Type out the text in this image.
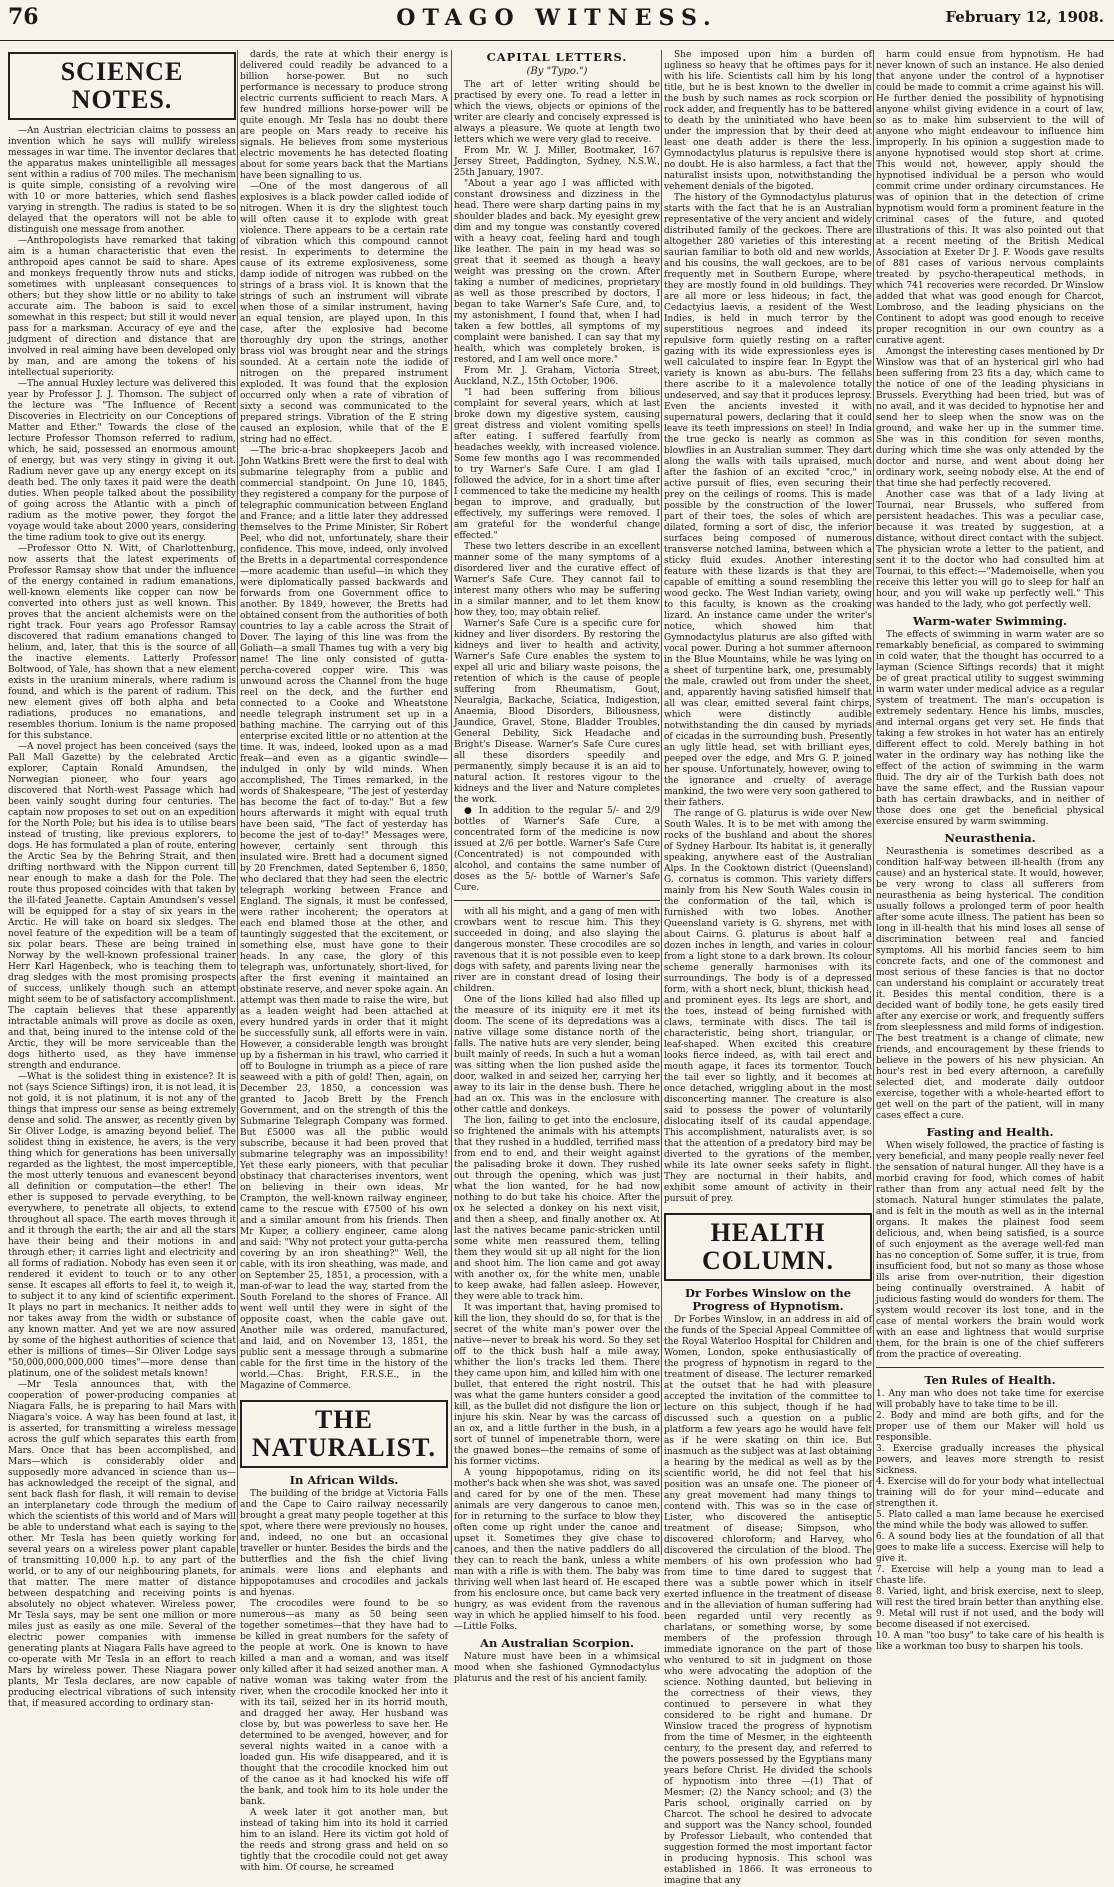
76	OTAGO WITNESS.	February 12, 1908.
SCIENCE NOTES.

—An Austrian electrician claims to possess an invention which he says will nullify wireless messages in war time. The inventor declares that the apparatus makes unintelligible all messages sent within a radius of 700 miles. The mechanism is quite simple, consisting of a revolving wire with 10 or more batteries, which send flashes varying in strength. The radius is stated to be so delayed that the operators will not be able to distinguish one message from another.

—Anthropologists have remarked that taking aim is a human characteristic that even the anthropoid apes cannot be said to share. Apes and monkeys frequently throw nuts and sticks, sometimes with unpleasant consequences to others; but they show little or no ability to take accurate aim. The baboon is said to excel somewhat in this respect; but still it would never pass for a marksman. Accuracy of eye and the judgment of direction and distance that are involved in real aiming have been developed only by man, and are among the tokens of his intellectual superiority.

—The annual Huxley lecture was delivered this year by Professor J. J. Thomson. The subject of the lecture was "The Influence of Recent Discoveries in Electricity on our Conceptions of Matter and Ether." Towards the close of the lecture Professor Thomson referred to radium, which, he said, possessed an enormous amount of energy, but was very stingy in giving it out. Radium never gave up any energy except on its death bed. The only taxes it paid were the death duties. When people talked about the possibility of going across the Atlantic with a pinch of radium as the motive power, they forgot the voyage would take about 2000 years, considering the time radium took to give out its energy.

—Professor Otto N. Witt, of Charlottenburg, now asserts that the latest experiments of Professor Ramsay show that under the influence of the energy contained in radium emanations, well-known elements like copper can now be converted into others just as well known. This proves that the ancient alchemists were on the right track. Four years ago Professor Ramsay discovered that radium emanations changed to helium, and, later, that this is the source of all the inactive elements. Latterly Professor Boltwood, of Yale, has shown that a new element exists in the uranium minerals, where radium is found, and which is the parent of radium. This new element gives off both alpha and beta radiations, produces no emanations, and resembles thorium. Ionium is the name proposed for this substance.

—A novel project has been conceived (says the Pall Mall Gazette) by the celebrated Arctic explorer, Captain Ronald Amundsen, the Norwegian pioneer, who four years ago discovered that North-west Passage which had been vainly sought during four centuries. The captain now proposes to set out on an expedition for the North Pole; but his idea is to utilise bears instead of trusting, like previous explorers, to dogs. He has formulated a plan of route, entering the Arctic Sea by the Behring Strait, and then drifting northward with the Nippon current till near enough to make a dash for the Pole. The route thus proposed coincides with that taken by the ill-fated Jeanette. Captain Amundsen's vessel will be equipped for a stay of six years in the Arctic. He will take on board six sledges. The novel feature of the expedition will be a team of six polar bears. These are being trained in Norway by the well-known professional trainer Herr Karl Hagenbeck, who is teaching them to drag sledges with the most promising prospects of success, unlikely though such an attempt might seem to be of satisfactory accomplishment. The captain believes that these apparently intractable animals will prove as docile as oxen, and that, being inured to the intense cold of the Arctic, they will be more serviceable than the dogs hitherto used, as they have immense strength and endurance.

—What is the solidest thing in existence? It is not (says Science Siftings) iron, it is not lead, it is not gold, it is not platinum, it is not any of the things that impress our sense as being extremely dense and solid. The answer, as recently given by Sir Oliver Lodge, is amazing beyond belief. The solidest thing in existence, he avers, is the very thing which for generations has been universally regarded as the lightest, the most imperceptible, the most utterly tenuous and evanescent beyond all definition or computation—the ether! The ether is supposed to pervade everything, to be everywhere, to penetrate all objects, to extend throughout all space. The earth moves through it and it through the earth; the air and all the stars have their being and their motions in and through ether; it carries light and electricity and all forms of radiation. Nobody has even seen it or rendered it evident to touch or to any other sense. It escapes all efforts to feel it, to weigh it, to subject it to any kind of scientific experiment. It plays no part in mechanics. It neither adds to nor takes away from the width or substance of any known matter. And yet we are now assured by some of the highest authorities of science that ether is millions of times—Sir Oliver Lodge says "50,000,000,000,000 times"—more dense than platinum, one of the solidest metals known!

—Mr Tesla announces that, with the cooperation of power-producing companies at Niagara Falls, he is preparing to hail Mars with Niagara's voice. A way has been found at last, it is asserted, for transmitting a wireless message across the gulf which separates this earth from Mars. Once that has been accomplished, and Mars—which is considerably older and supposedly more advanced in science than us—has acknowledged the receipt of the signal, and sent back flash for flash, it will remain to devise an interplanetary code through the medium of which the scientists of this world and of Mars will be able to understand what each is saying to the other. Mr Tesla has been quietly working for several years on a wireless power plant capable of transmitting 10,000 h.p. to any part of the world, or to any of our neighbouring planets, for that matter. The mere matter of distance between despatching and receiving points is absolutely no object whatever. Wireless power, Mr Tesla says, may be sent one million or more miles just as easily as one mile. Several of the electric power companies with immense generating plants at Niagara Falls have agreed to co-operate with Mr Tesla in an effort to reach Mars by wireless power. These Niagara power plants, Mr Tesla declares, are now capable of producing electrical vibrations of such intensity that, if measured according to ordinary stan-

dards, the rate at which their energy is delivered could readily be advanced to a billion horse-power. But no such performance is necessary to produce strong electric currents sufficient to reach Mars. A few hundred millions horse-power will be quite enough. Mr Tesla has no doubt there are people on Mars ready to receive his signals. He believes from some mysterious electric movements he has detected floating about for some years back that the Martians have been signalling to us.

—One of the most dangerous of all explosives is a black powder called iodide of nitrogen. When it is dry the slightest touch will often cause it to explode with great violence. There appears to be a certain rate of vibration which this compound cannot resist. In experiments to determine the cause of its extreme explosiveness, some damp iodide of nitrogen was rubbed on the strings of a brass viol. It is known that the strings of such an instrument will vibrate when those of a similar instrument, having an equal tension, are played upon. In this case, after the explosive had become thoroughly dry upon the strings, another brass viol was brought near and the strings sounded. At a certain note the iodide of nitrogen on the prepared instrument exploded. It was found that the explosion occurred only when a rate of vibration of sixty a second was communicated to the prepared strings. Vibration of the E string caused an explosion, while that of the E string had no effect.

—The bric-a-brac shopkeepers Jacob and John Watkins Brett were the first to deal with submarine telegraphy from a public and commercial standpoint. On June 10, 1845, they registered a company for the purpose of telegraphic communication between England and France; and a little later they addressed themselves to the Prime Minister, Sir Robert Peel, who did not, unfortunately, share their confidence. This move, indeed, only involved the Bretts in a departmental correspondence—more academic than useful—in which they were diplomatically passed backwards and forwards from one Government office to another. By 1849, however, the Bretts had obtained consent from the authorities of both countries to lay a cable across the Strait of Dover. The laying of this line was from the Goliath—a small Thames tug with a very big name! The line only consisted of gutta-percha-covered copper wire. This was unwound across the Channel from the huge reel on the deck, and the further end connected to a Cooke and Wheatstone needle telegraph instrument set up in a bathing machine. The carrying out of this enterprise excited little or no attention at the time. It was, indeed, looked upon as a mad freak—and even as a gigantic swindle—indulged in only by wild minds. When accomplished, The Times remarked, in the words of Shakespeare, "The jest of yesterday has become the fact of to-day." But a few hours afterwards it might with equal truth have been said, "The fact of yesterday has become the jest of to-day!" Messages were, however, certainly sent through this insulated wire. Brett had a document signed by 20 Frenchmen, dated September 6, 1850, who declared that they had seen the electric telegraph working between France and England. The signals, it must be confessed, were rather incoherent; the operators at each end blamed those at the other, and tauntingly suggested that the excitement, or something else, must have gone to their heads. In any case, the glory of this telegraph was, unfortunately, short-lived, for after the first evening it maintained an obstinate reserve, and never spoke again. An attempt was then made to raise the wire, but as a leaden weight had been attached at every hundred yards in order that it might be successfully sunk, all efforts were in vain. However, a considerable length was brought up by a fisherman in his trawl, who carried it off to Boulogne in triumph as a piece of rare seaweed with a pith of gold! Then, again, on December 23, 1850, a concession was granted to Jacob Brett by the French Government, and on the strength of this the Submarine Telegraph Company was formed. But £5000 was all the public would subscribe, because it had been proved that submarine telegraphy was an impossibility! Yet these early pioneers, with that peculiar obstinacy that characterises inventors, went on believing in their own ideas. Mr Crampton, the well-known railway engineer, came to the rescue with £7500 of his own and a similar amount from his friends. Then Mr Kuper, a colliery engineer, came along and said: "Why not protect your gutta-percha covering by an iron sheathing?" Well, the cable, with its iron sheathing, was made, and on September 25, 1851, a procession, with a man-of-war to lead the way, started from the South Foreland to the shores of France. All went well until they were in sight of the opposite coast, when the cable gave out. Another mile was ordered, manufactured, and laid, and on November 13, 1851, the public sent a message through a submarine cable for the first time in the history of the world.—Chas. Bright, F.R.S.E., in the Magazine of Commerce.

THE NATURALIST.
In African Wilds.

The building of the bridge at Victoria Falls and the Cape to Cairo railway necessarily brought a great many people together at this spot, where there were previously no houses, and, indeed, no one but an occasional traveller or hunter. Besides the birds and the butterflies and the fish the chief living animals were lions and elephants and hippopotamuses and crocodiles and jackals and hyenas.

The crocodiles were found to be so numerous—as many as 50 being seen together sometimes—that they have had to be killed in great numbers for the safety of the people at work. One is known to have killed a man and a woman, and was itself only killed after it had seized another man. A native woman was taking water from the river, when the crocodile knocked her into it with its tail, seized her in its horrid mouth, and dragged her away. Her husband was close by, but was powerless to save her. He determined to be avenged, however, and for several nights waited in a canoe with a loaded gun. His wife disappeared, and it is thought that the crocodile knocked him out of the canoe as it had knocked his wife off the bank, and took him to its hole under the bank.

A week later it got another man, but instead of taking him into its hold it carried him to an island. Here its victim got hold of the reeds and strong grass and held on so tightly that the crocodile could not get away with him. Of course, he screamed

CAPITAL LETTERS.
(By "Typo.")

The art of letter writing should be practised by every one. To read a letter in which the views, objects or opinions of the writer are clearly and concisely expressed is always a pleasure. We quote at length two letters which we were very glad to receive.

From Mr. W. J. Miller, Bootmaker, 167 Jersey Street, Paddington, Sydney, N.S.W., 25th January, 1907.

"About a year ago I was afflicted with constant drowsiness and dizziness in the head. There were sharp darting pains in my shoulder blades and back. My eyesight grew dim and my tongue was constantly covered with a heavy coat, feeling hard and tough like leather. The pain in my head was so great that it seemed as though a heavy weight was pressing on the crown. After taking a number of medicines, proprietary as well as those prescribed by doctors, I began to take Warner's Safe Cure, and, to my astonishment, I found that, when I had taken a few bottles, all symptoms of my complaint were banished. I can say that my health, which was completely broken, is restored, and I am well once more."

From Mr. J. Graham, Victoria Street, Auckland, N.Z., 15th October, 1906.

"I had been suffering from bilious complaint for several years, which at last broke down my digestive system, causing great distress and violent vomiting spells after eating. I suffered fearfully from headaches weekly, with increased violence. Some few months ago I was recommended to try Warner's Safe Cure. I am glad I followed the advice, for in a short time after I commenced to take the medicine my health began to improve, and gradually, but effectively, my sufferings were removed. I am grateful for the wonderful change effected."

These two letters describe in an excellent manner some of the many symptoms of a disordered liver and the curative effect of Warner's Safe Cure. They cannot fail to interest many others who may be suffering in a similar manner, and to let them know how they, too, may obtain relief.

Warner's Safe Cure is a specific cure for kidney and liver disorders. By restoring the kidneys and liver to health and activity, Warner's Safe Cure enables the system to expel all uric and biliary waste poisons, the retention of which is the cause of people suffering from Rheumatism, Gout, Neuralgia, Backache, Sciatica, Indigestion, Anaemia, Blood Disorders, Biliousness, Jaundice, Gravel, Stone, Bladder Troubles, General Debility, Sick Headache and Bright's Disease. Warner's Safe Cure cures all these disorders speedily and permanently, simply because it is an aid to natural action. It restores vigour to the kidneys and the liver and Nature completes the work.

● In addition to the regular 5/- and 2/9 bottles of Warner's Safe Cure, a concentrated form of the medicine is now issued at 2/6 per bottle. Warner's Safe Cure (Concentrated) is not compounded with alcohol, and contains the same number of doses as the 5/- bottle of Warner's Safe Cure.

with all his might, and a gang of men with crowbars went to rescue him. This they succeeded in doing, and also slaying the dangerous monster. These crocodiles are so ravenous that it is not possible even to keep dogs with safety, and parents living near the river are in constant dread of losing their children.

One of the lions killed had also filled up the measure of its iniquity ere it met its doom. The scene of its depredations was a native village some distance north of the falls. The native huts are very slender, being built mainly of reeds. In such a hut a woman was sitting when the lion pushed aside the door, walked in and seized her, carrying her away to its lair in the dense bush. There he had an ox. This was in the enclosure with other cattle and donkeys.

The lion, failing to get into the enclosure, so frightened the animals with his attempts that they rushed in a huddled, terrified mass from end to end, and their weight against the palisading broke it down. They rushed out through the opening, which was just what the lion wanted, for he had now nothing to do but take his choice. After the ox he selected a donkey on his next visit, and then a sheep, and finally another ox. At last the natives became panic-stricken until some white men reassured them, telling them they would sit up all night for the lion and shoot him. The lion came and got away with another ox, for the white men, unable to keep awake, had fallen asleep. However, they were able to track him.

It was important that, having promised to kill the lion, they should do so, for that is the secret of the white man's power over the native—never to break his word. So they set off to the thick bush half a mile away, whither the lion's tracks led them. There they came upon him, and killed him with one bullet, that entered the right nostril. This was what the game hunters consider a good kill, as the bullet did not disfigure the lion or injure his skin. Near by was the carcass of an ox, and a little further in the bush, in a sort of tunnel of impenetrable thorn, were the gnawed bones—the remains of some of his former victims.

A young hippopotamus, riding on its mother's back when she was shot, was saved and cared for by one of the men. These animals are very dangerous to canoe men, for in returning to the surface to blow they often come up right under the canoe and upset it. Sometimes they give chase to canoes, and then the native paddlers do all they can to reach the bank, unless a white man with a rifle is with them. The baby was thriving well when last heard of. He escaped from his enclosure once, but came back very hungry, as was evident from the ravenous way in which he applied himself to his food.—Little Folks.

An Australian Scorpion.

Nature must have been in a whimsical mood when she fashioned Gymnodactylus platurus and the rest of his ancient family.

She imposed upon him a burden of ugliness so heavy that he oftimes pays for it with his life. Scientists call him by his long title, but he is best known to the dweller in the bush by such names as rock scorpion or rock adder, and frequently has to be battered to death by the uninitiated who have been under the impression that by their deed at least one death adder is there the less. Gymnodactylus platurus is repulsive there is no doubt. He is also harmless, a fact that the naturalist insists upon, notwithstanding the vehement denials of the bigoted.

The history of the Gymnodactylus platurus starts with the fact that he is an Australian representative of the very ancient and widely distributed family of the geckoes. There are altogether 280 varieties of this interesting saurian familiar to both old and new worlds, and his cousins, the wall geckoes, are to be frequently met in Southern Europe, where they are mostly found in old buildings. They are all more or less hideous; in fact, the Cedactyius laevis, a resident of the West Indies, is held in much terror by the superstitious negroes and indeed its repulsive form quietly resting on a rafter gazing with its wide expressionless eyes is well calculated to inspire fear. In Egypt the variety is known as abu-burs. The fellahs there ascribe to it a malevolence totally undeserved, and say that it produces leprosy. Even the ancients invested it with supernatural powers, declaring that it could leave its teeth impressions on steel! In India the true gecko is nearly as common as blowflies in an Australian summer. They dart along the walls with tails upraised, much after the fashion of an excited "croc," in active pursuit of flies, even securing their prey on the ceilings of rooms. This is made possible by the construction of the lower part of their toes, the soles of which are dilated, forming a sort of disc, the inferior surfaces being composed of numerous transverse notched lamina, between which a sticky fluid exudes. Another interesting feature with these lizards is that they are capable of emitting a sound resembling the wood gecko. The West Indian variety, owing to this faculty, is known as the croaking lizard. An instance came under the writer's notice, which showed him that Gymnodactylus platurus are also gifted with vocal power. During a hot summer afternoon in the Blue Mountains, while he was lying on a sheet of turpentine bark, one, presumably the male, crawled out from under the sheet, and, apparently having satisfied himself that all was clear, emitted several faint chirps, which were distinctly audible notwithstanding the din caused by myriads of cicadas in the surrounding bush. Presently an ugly little head, set with brilliant eyes, peeped over the edge, and Mrs G. P. joined her spouse. Unfortunately, however, owing to the ignorance and cruelty of average mankind, the two were very soon gathered to their fathers.

The range of G. platurus is wide over New South Wales. It is to be met with among the rocks of the bushland and about the shores of Sydney Harbour. Its habitat is, it generally speaking, anywhere east of the Australian Alps. In the Cooktown district (Queensland) G. cornatus is common. This variety differs mainly from his New South Wales cousin in the conformation of the tail, which is furnished with two lobes. Another Queensland variety is G. shyrens, met with about Cairns. G. platurus is about half a dozen inches in length, and varies in colour from a light stone to a dark brown. Its colour scheme generally harmonises with its surroundings. The body is of a depressed form, with a short neck, blunt, thickish head, and prominent eyes. Its legs are short, and the toes, instead of being furnished with claws, terminate with discs. The tail is characteristic, being short, triangular, or leaf-shaped. When excited this creature looks fierce indeed, as, with tail erect and mouth agape, it faces its tormentor. Touch the tail ever so lightly, and it becomes at once detached, wriggling about in the most disconcerting manner. The creature is also said to possess the power of voluntarily dislocating itself of its caudal appendage. This accomplishment, naturalists aver, is so that the attention of a predatory bird may be diverted to the gyrations of the member, while its late owner seeks safety in flight. They are nocturnal in their habits, and exhibit some amount of activity in their pursuit of prey.

HEALTH COLUMN.
Dr Forbes Winslow on the Progress of Hypnotism.

Dr Forbes Winslow, in an address in aid of the funds of the Special Appeal Committee of the Royal Waterloo Hospital for Children and Women, London, spoke enthusiastically of the progress of hypnotism in regard to the treatment of disease. The lecturer remarked at the outset that he had with pleasure accepted the invitation of the committee to lecture on this subject, though if he had discussed such a question on a public platform a few years ago he would have felt as if he were skating on thin ice. But inasmuch as the subject was at last obtaining a hearing by the medical as well as by the scientific world, he did not feel that his position was an unsafe one. The pioneer of any great movement had many things to contend with. This was so in the case of Lister, who discovered the antiseptic treatment of disease; Simpson, who discovered chloroform; and Harvey, who discovered the circulation of the blood. The members of his own profession who had from time to time dared to suggest that there was a subtle power which in itself exerted influence in the treatment of disease and in the alleviation of human suffering had been regarded until very recently as charlatans, or something worse, by some members of the profession through immediate ignorance on the part of those who ventured to sit in judgment on those who were advocating the adoption of the science. Nothing daunted, but believing in the correctness of their views, they continued to persevere in what they considered to be right and humane. Dr Winslow traced the progress of hypnotism from the time of Mesmer, in the eighteenth century, to the present day, and referred to the powers possessed by the Egyptians many years before Christ. He divided the schools of hypnotism into three —(1) That of Mesmer; (2) the Nancy school; and (3) the Paris school, originally carried on by Charcot. The school he desired to advocate and support was the Nancy school, founded by Professor Liebault, who contended that suggestion formed the most important factor in producing hypnosis. This school was established in 1866. It was erroneous to imagine that any

harm could ensue from hypnotism. He had never known of such an instance. He also denied that anyone under the control of a hypnotiser could be made to commit a crime against his will. He further denied the possibility of hypnotising anyone whilst giving evidence in a court of law, so as to make him subservient to the will of anyone who might endeavour to influence him improperly. In his opinion a suggestion made to anyone hypnotised would stop short at crime. This would not, however, apply should the hypnotised individual be a person who would commit crime under ordinary circumstances. He was of opinion that in the detection of crime hypnotism would form a prominent feature in the criminal cases of the future, and quoted illustrations of this. It was also pointed out that at a recent meeting of the British Medical Association at Exeter Dr J. F. Woods gave results of 881 cases of various nervous complaints treated by psycho-therapeutical methods, in which 741 recoveries were recorded. Dr Winslow added that what was good enough for Charcot, Lombroso, and the leading physicians on the Continent to adopt was good enough to receive proper recognition in our own country as a curative agent.

Amongst the interesting cases mentioned by Dr Winslow was that of an hysterical girl who had been suffering from 23 fits a day, which came to the notice of one of the leading physicians in Brussels. Everything had been tried, but was of no avail, and it was decided to hypnotise her and send her to sleep when the snow was on the ground, and wake her up in the summer time. She was in this condition for seven months, during which time she was only attended by the doctor and nurse, and went about doing her ordinary work, seeing nobody else. At the end of that time she had perfectly recovered.

Another case was that of a lady living at Tournai, near Brussels, who suffered from persistent headaches. This was a peculiar case, because it was treated by suggestion, at a distance, without direct contact with the subject. The physician wrote a letter to the patient, and sent it to the doctor who had consulted him at Tournai, to this effect:—"Mademoiselle, when you receive this letter you will go to sleep for half an hour, and you will wake up perfectly well." This was handed to the lady, who got perfectly well.

Warm-water Swimming.

The effects of swimming in warm water are so remarkably beneficial, as compared to swimming in cold water, that the thought has occurred to a layman (Science Siftings records) that it might be of great practical utility to suggest swimming in warm water under medical advice as a regular system of treatment. The man's occupation is extremely sedentary. Hence his limbs, muscles, and internal organs get very set. He finds that taking a few strokes in hot water has an entirely different effect to cold. Merely bathing in hot water in the ordinary way has nothing like the effect of the action of swimming in the warm fluid. The dry air of the Turkish bath does not have the same effect, and the Russian vapour bath has certain drawbacks, and in neither of those does one get the beneficial physical exercise ensured by warm swimming.

Neurasthenia.

Neurasthenia is sometimes described as a condition half-way between ill-health (from any cause) and an hysterical state. It would, however, be very wrong to class all sufferers from neurasthenia as being hysterical. The condition usually follows a prolonged term of poor health after some acute illness. The patient has been so long in ill-health that his mind loses all sense of discrimination between real and fancied symptoms. All his morbid fancies seem to him concrete facts, and one of the commonest and most serious of these fancies is that no doctor can understand his complaint or accurately treat it. Besides this mental condition, there is a decided want of bodily tone, he gets easily tired after any exercise or work, and frequently suffers from sleeplessness and mild forms of indigestion. The best treatment is a change of climate, new friends, and encouragement by these friends to believe in the powers of his new physician. An hour's rest in bed every afternoon, a carefully selected diet, and moderate daily outdoor exercise, together with a whole-hearted effort to get well on the part of the patient, will in many cases effect a cure.

Fasting and Health.

When wisely followed, the practice of fasting is very beneficial, and many people really never feel the sensation of natural hunger. All they have is a morbid craving for food, which comes of habit rather than from any actual need felt by the stomach. Natural hunger stimulates the palate, and is felt in the mouth as well as in the internal organs. It makes the plainest food seem delicious, and, when being satisfied, is a source of such enjoyment as the average well-fed man has no conception of. Some suffer, it is true, from insufficient food, but not so many as those whose ills arise from over-nutrition, their digestion being continually overstrained. A habit of judicious fasting would do wonders for them. The system would recover its lost tone, and in the case of mental workers the brain would work with an ease and lightness that would surprise them, for the brain is one of the chief sufferers from the practice of overeating.

Ten Rules of Health.

1. Any man who does not take time for exercise will probably have to take time to be ill.

2. Body and mind are both gifts, and for the proper use of them our Maker will hold us responsible.

3. Exercise gradually increases the physical powers, and leaves more strength to resist sickness.

4. Exercise will do for your body what intellectual training will do for your mind—educate and strengthen it.

5. Plato called a man lame because he exercised the mind while the body was allowed to suffer.

6. A sound body lies at the foundation of all that goes to make life a success. Exercise will help to give it.

7. Exercise will help a young man to lead a chaste life.

8. Varied, light, and brisk exercise, next to sleep, will rest the tired brain better than anything else.

9. Metal will rust if not used, and the body will become diseased if not exercised.

10. A man "too busy" to take care of his health is like a workman too busy to sharpen his tools.
